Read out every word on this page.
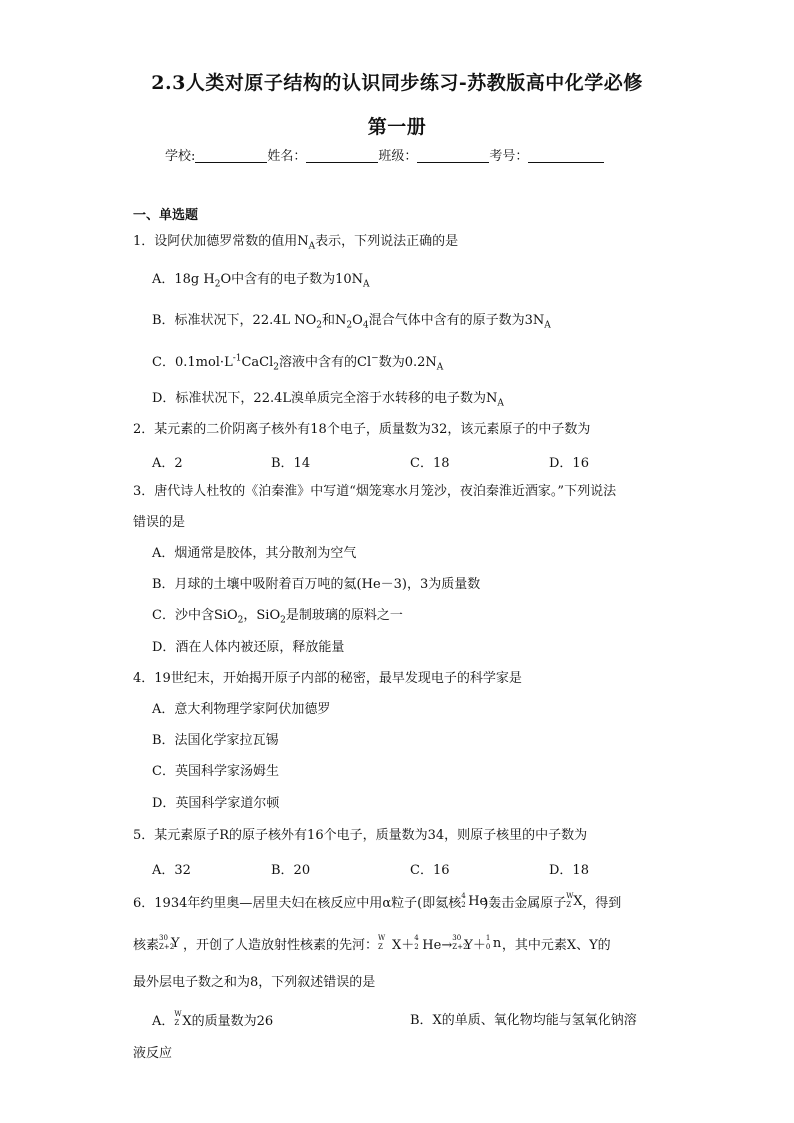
2.3人类对原子结构的认识同步练习-苏教版高中化学必修
第一册
学校:	姓名：	班级：	考号：
一、单选题
1．设阿伏加德罗常数的值用$N_A$表示，下列说法正确的是
A．18g $H_2O$中含有的电子数为$10N_A$
B．标准状况下，22.4L $NO_2$和$N_2O_4$混合气体中含有的原子数为$3N_A$
C．$0.1mol\cdot L^{-1}CaCl_2$溶液中含有的Cl−数为$0.2N_A$
D．标准状况下，22.4L溴单质完全溶于水转移的电子数为$N_A$
2．某元素的二价阴离子核外有18个电子，质量数为32，该元素原子的中子数为
A．2	B．14	C．18	D．16
3．唐代诗人杜牧的《泊秦淮》中写道“烟笼寒水月笼沙，夜泊秦淮近酒家。”下列说法
错误的是
A．烟通常是胶体，其分散剂为空气
B．月球的土壤中吸附着百万吨的氦(He－3)，3为质量数
C．沙中含SiO$_2$，SiO$_2$是制玻璃的原料之一
D．酒在人体内被还原，释放能量
4．19世纪末，开始揭开原子内部的秘密，最早发现电子的科学家是
A．意大利物理学家阿伏加德罗
B．法国化学家拉瓦锡
C．英国科学家汤姆生
D．英国科学家道尔顿
5．某元素原子R的原子核外有16个电子，质量数为34，则原子核里的中子数为
A．32	B．20	C．16	D．18
6．1934年约里奥—居里夫妇在核反应中用α粒子(即氦核 4
2 He
)轰击金属原子 W
Z X ，得到
核素 30
Z+2
Y ，开创了人造放射性核素的先河： W
Z X＋ 4
2 He→ 30
Z+2
Y＋ 1
0 n ，其中元素X、Y的
最外层电子数之和为8，下列叙述错误的是
A． W
Z X的质量数为26	B．X的单质、氧化物均能与氢氧化钠溶
液反应
